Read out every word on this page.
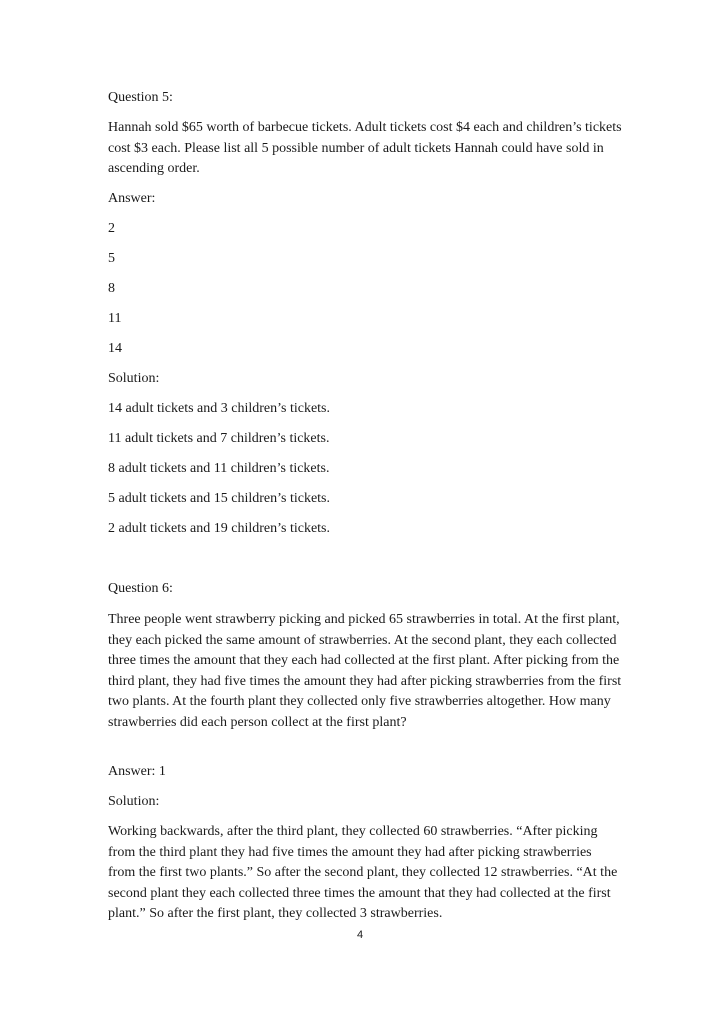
Question 5:
Hannah sold $65 worth of barbecue tickets. Adult tickets cost $4 each and children’s tickets cost $3 each. Please list all 5 possible number of adult tickets Hannah could have sold in ascending order.
Answer:
2
5
8
11
14
Solution:
14 adult tickets and 3 children’s tickets.
11 adult tickets and 7 children’s tickets.
8 adult tickets and 11 children’s tickets.
5 adult tickets and 15 children’s tickets.
2 adult tickets and 19 children’s tickets.
Question 6:
Three people went strawberry picking and picked 65 strawberries in total. At the first plant, they each picked the same amount of strawberries. At the second plant, they each collected three times the amount that they each had collected at the first plant. After picking from the third plant, they had five times the amount they had after picking strawberries from the first two plants. At the fourth plant they collected only five strawberries altogether. How many strawberries did each person collect at the first plant?
Answer: 1
Solution:
Working backwards, after the third plant, they collected 60 strawberries. “After picking from the third plant they had five times the amount they had after picking strawberries from the first two plants.” So after the second plant, they collected 12 strawberries. “At the second plant they each collected three times the amount that they had collected at the first plant.” So after the first plant, they collected 3 strawberries.
4
